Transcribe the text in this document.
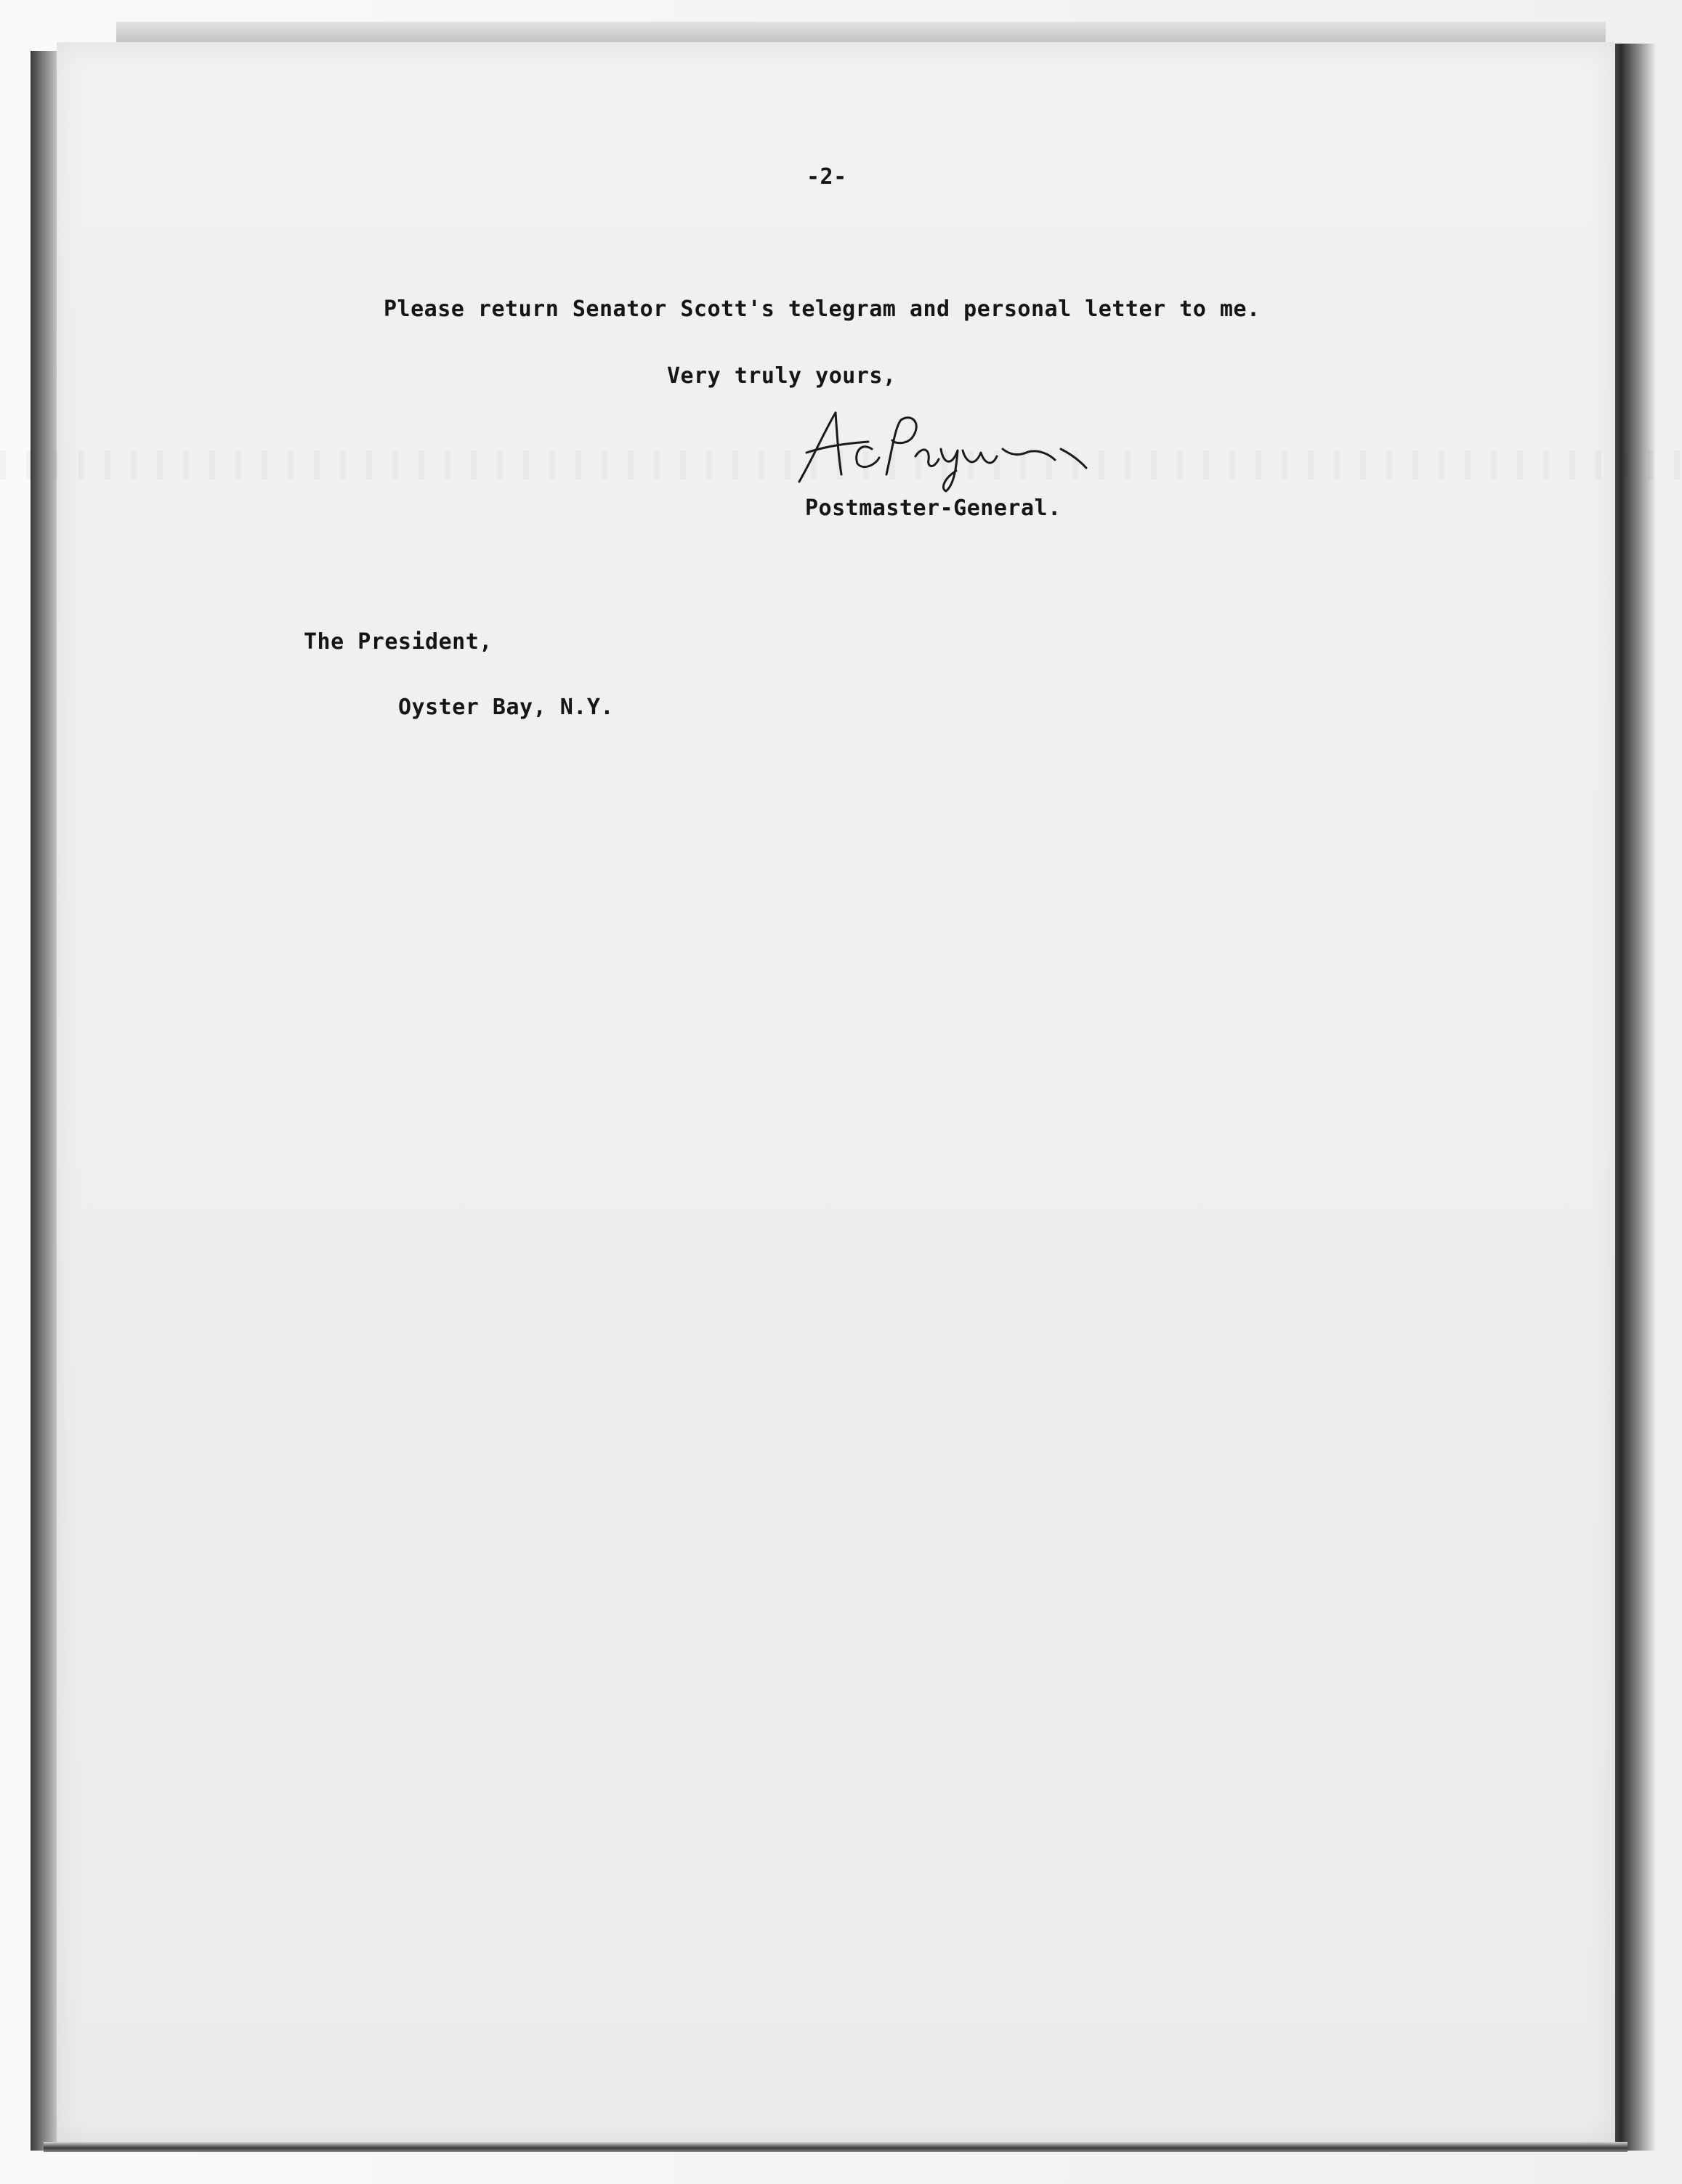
-2-
Please return Senator Scott's telegram and personal letter to me.
Very truly yours,
Postmaster-General.
The President,
Oyster Bay, N.Y.
